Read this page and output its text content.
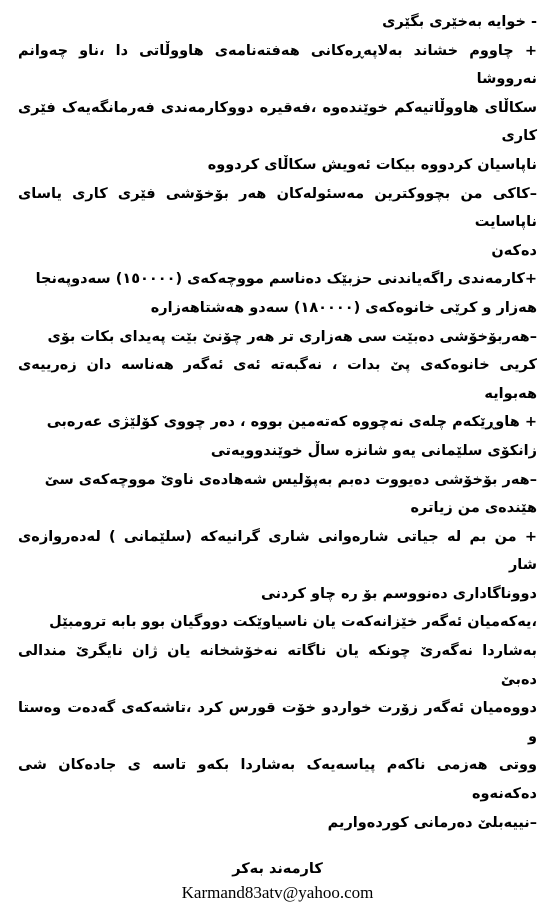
- خوایه بەخێری بگێری

+ چاووم خشاند بەلاپەڕەکانی هەفتەنامەی هاووڵاتی دا ،ناو چەوانم نەرووشا

سکاڵای هاووڵاتیەکم خوێندەوە ،فەقیرە دووکارمەندی فەرمانگەیەک فێری کاری

ناپاسیان کردووە بیکات ئەویش سکاڵای کردووە

–کاکی من بچووکترین مەسئولەکان هەر بۆخۆشی فێری کاری یاسای ناپاسایت

دەکەن

+کارمەندی راگەیاندنی حزبێک دەناسم مووچەکەی (١٥٠٠٠٠) سەدوپەنجا

هەزار و کرێی خانوەکەی (١٨٠٠٠٠) سەدو هەشتاهەزارە

–هەربۆخۆشی دەبێت سی هەزاری تر هەر چۆنێ بێت پەیدای بکات بۆی

کریی خانوەکەی پێ بدات ، نەگبەتە ئەی ئەگەر هەناسە دان زەرییەی هەبوایە

+ هاوڕێکەم چلەی نەچووە کەتەمین بووە ، دەر چووی کۆلێژی عەرەبی

زانکۆی سلێمانی یەو شانزە ساڵ خوێندوویەتی

–هەر بۆخۆشی دەیووت دەبم بەپۆلیس شەهادەی ناوێ مووچەکەی سێ

هێندەی من زیاترە

+ من بم لە جیاتی شارەوانی شاری گرانیەکە (سلێمانی ) لەدەروازەی شار

دووناگاداری دەنووسم بۆ رە چاو کردنی

،یەکەمیان ئەگەر خێزانەکەت یان ناسیاوێکت دووگیان بوو بابە ترومبێل

بەشاردا نەگەرێ چونکە یان ناگاتە نەخۆشخانە یان ژان نایگرێ مندالی دەبێ

دووەمیان ئەگەر زۆرت خواردو خۆت قورس کرد ،تاشەکەی گەدەت وەستا و

ووتی هەزمی ناکەم پیاسەیەک بەشاردا بکەو تاسە ی جادەکان شی دەکەنەوە

–نییەبلێ دەرمانی کوردەواریم

کارمەند بەکر
Karmand83atv@yahoo.com
